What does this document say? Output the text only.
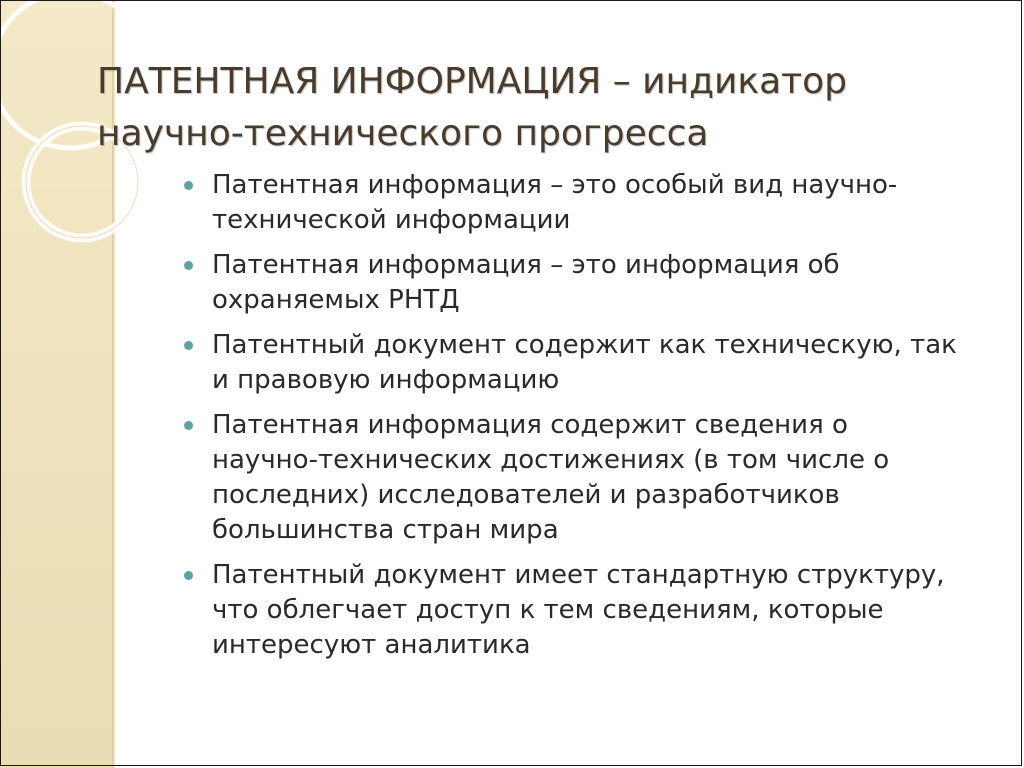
ПАТЕНТНАЯ ИНФОРМАЦИЯ – индикатор
научно-технического прогресса
Патентная информация – это особый вид научно-
технической информации
Патентная информация – это информация об
охраняемых РНТД
Патентный документ содержит как техническую, так
и правовую информацию
Патентная информация содержит сведения о
научно-технических достижениях (в том числе о
последних) исследователей и разработчиков
большинства стран мира
Патентный документ имеет стандартную структуру,
что облегчает доступ к тем сведениям, которые
интересуют аналитика
